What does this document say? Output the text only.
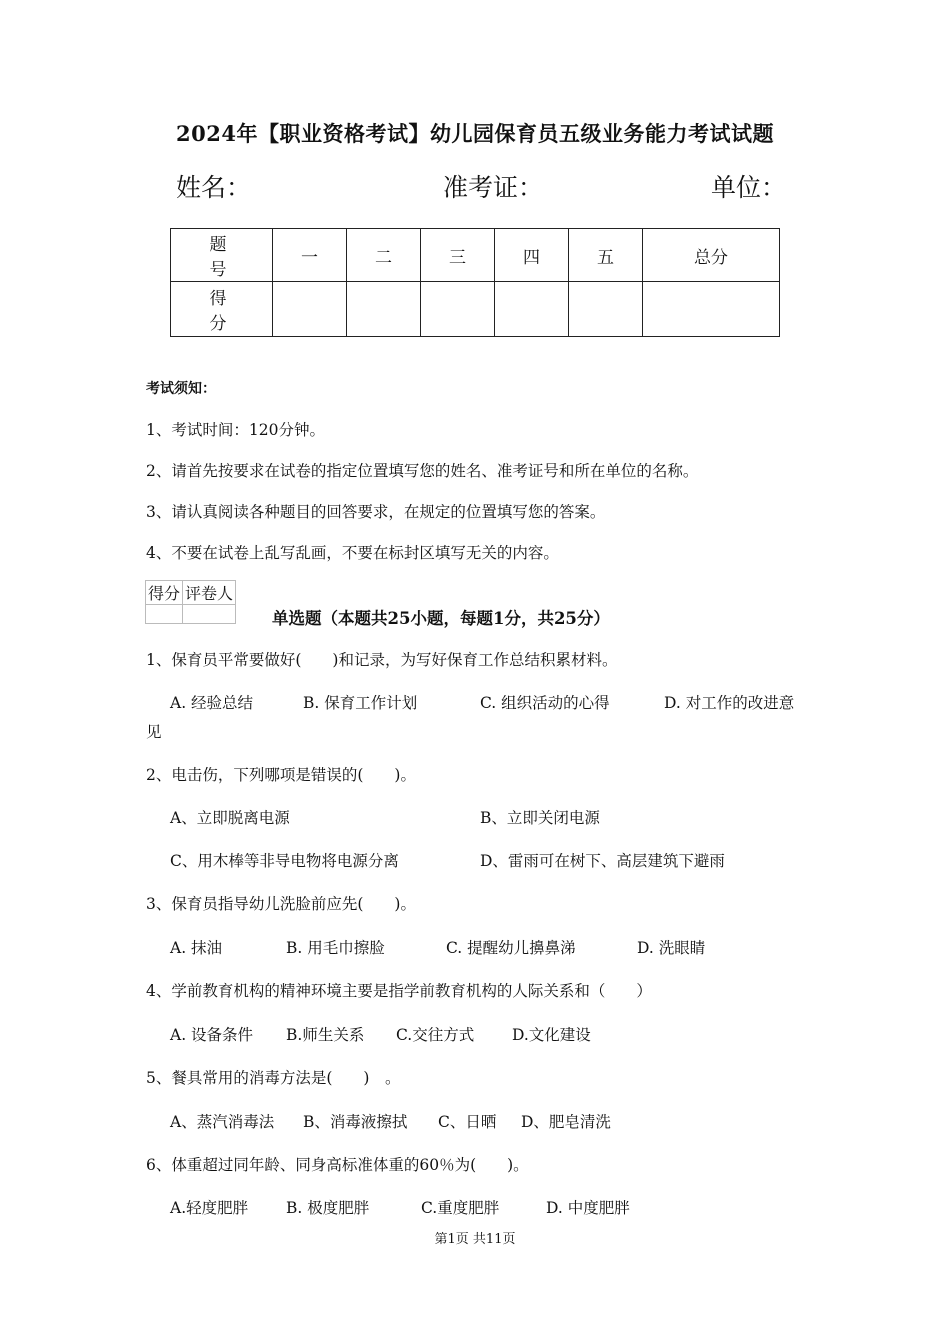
2024年【职业资格考试】幼儿园保育员五级业务能力考试试题
姓名：	准考证：	单位：
题 号	一	二	三	四	五	总分
得 分						
考试须知：
1、考试时间：120分钟。
2、请首先按要求在试卷的指定位置填写您的姓名、准考证号和所在单位的名称。
3、请认真阅读各种题目的回答要求，在规定的位置填写您的答案。
4、不要在试卷上乱写乱画，不要在标封区填写无关的内容。
得分	评卷人

单选题（本题共25小题，每题1分，共25分）
1、保育员平常要做好(　　)和记录，为写好保育工作总结积累材料。
A. 经验总结	B. 保育工作计划	C. 组织活动的心得	D. 对工作的改进意
见
2、电击伤，下列哪项是错误的(　　)。
A、立即脱离电源	B、立即关闭电源
C、用木棒等非导电物将电源分离	D、雷雨可在树下、高层建筑下避雨
3、保育员指导幼儿洗脸前应先(　　)。
A. 抹油	B. 用毛巾擦脸	C. 提醒幼儿擤鼻涕	D. 洗眼睛
4、学前教育机构的精神环境主要是指学前教育机构的人际关系和（　　）
A. 设备条件 B.师生关系 C.交往方式 D.文化建设
5、餐具常用的消毒方法是(　　)　。
A、蒸汽消毒法 B、消毒液擦拭 C、日晒 D、肥皂清洗
6、体重超过同年龄、同身高标准体重的60％为(　　)。
A.轻度肥胖 B. 极度肥胖	C.重度肥胖	D. 中度肥胖
第1页 共11页
